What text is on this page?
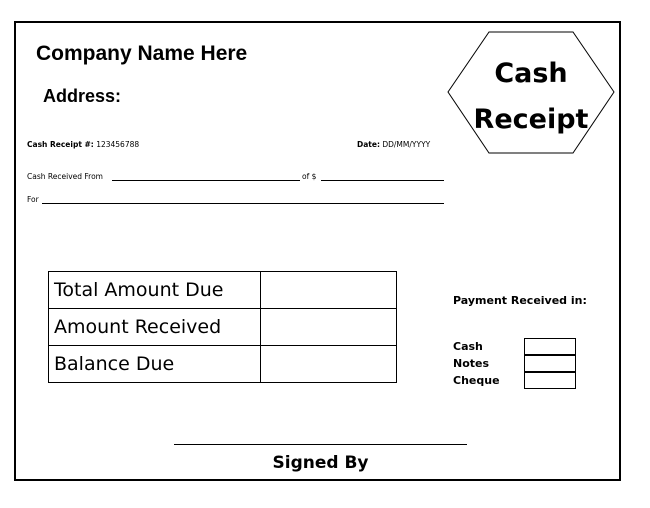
Company Name Here
Address:
Cash
Receipt
Cash Receipt #: 123456788	Date: DD/MM/YYYY
Cash Received From	of $
For
Total Amount Due	
Amount Received	
Balance Due	
Payment Received in:
Cash
Notes
Cheque
Signed By
